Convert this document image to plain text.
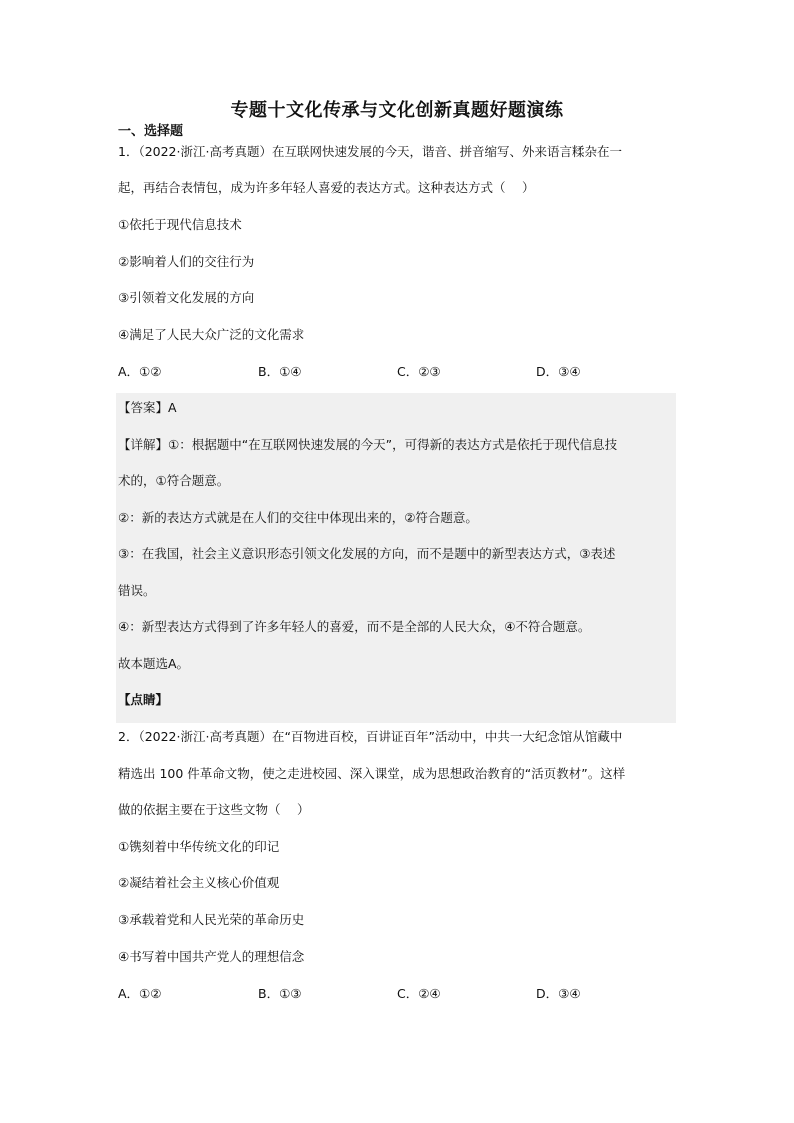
专题十文化传承与文化创新真题好题演练
一、选择题
1．（2022·浙江·高考真题）在互联网快速发展的今天，谐音、拼音缩写、外来语言糅杂在一
起，再结合表情包，成为许多年轻人喜爱的表达方式。这种表达方式（　 ）
①依托于现代信息技术
②影响着人们的交往行为
③引领着文化发展的方向
④满足了人民大众广泛的文化需求
A．①②	B．①④	C．②③	D．③④
【答案】A
【详解】①：根据题中“在互联网快速发展的今天”，可得新的表达方式是依托于现代信息技
术的，①符合题意。
②：新的表达方式就是在人们的交往中体现出来的，②符合题意。
③：在我国，社会主义意识形态引领文化发展的方向，而不是题中的新型表达方式，③表述
错误。
④：新型表达方式得到了许多年轻人的喜爱，而不是全部的人民大众，④不符合题意。
故本题选A。
【点睛】
2．（2022·浙江·高考真题）在“百物进百校，百讲证百年”活动中，中共一大纪念馆从馆藏中
精选出 100 件革命文物，使之走进校园、深入课堂，成为思想政治教育的“活页教材”。这样
做的依据主要在于这些文物（　 ）
①镌刻着中华传统文化的印记
②凝结着社会主义核心价值观
③承载着党和人民光荣的革命历史
④书写着中国共产党人的理想信念
A．①②	B．①③	C．②④	D．③④
